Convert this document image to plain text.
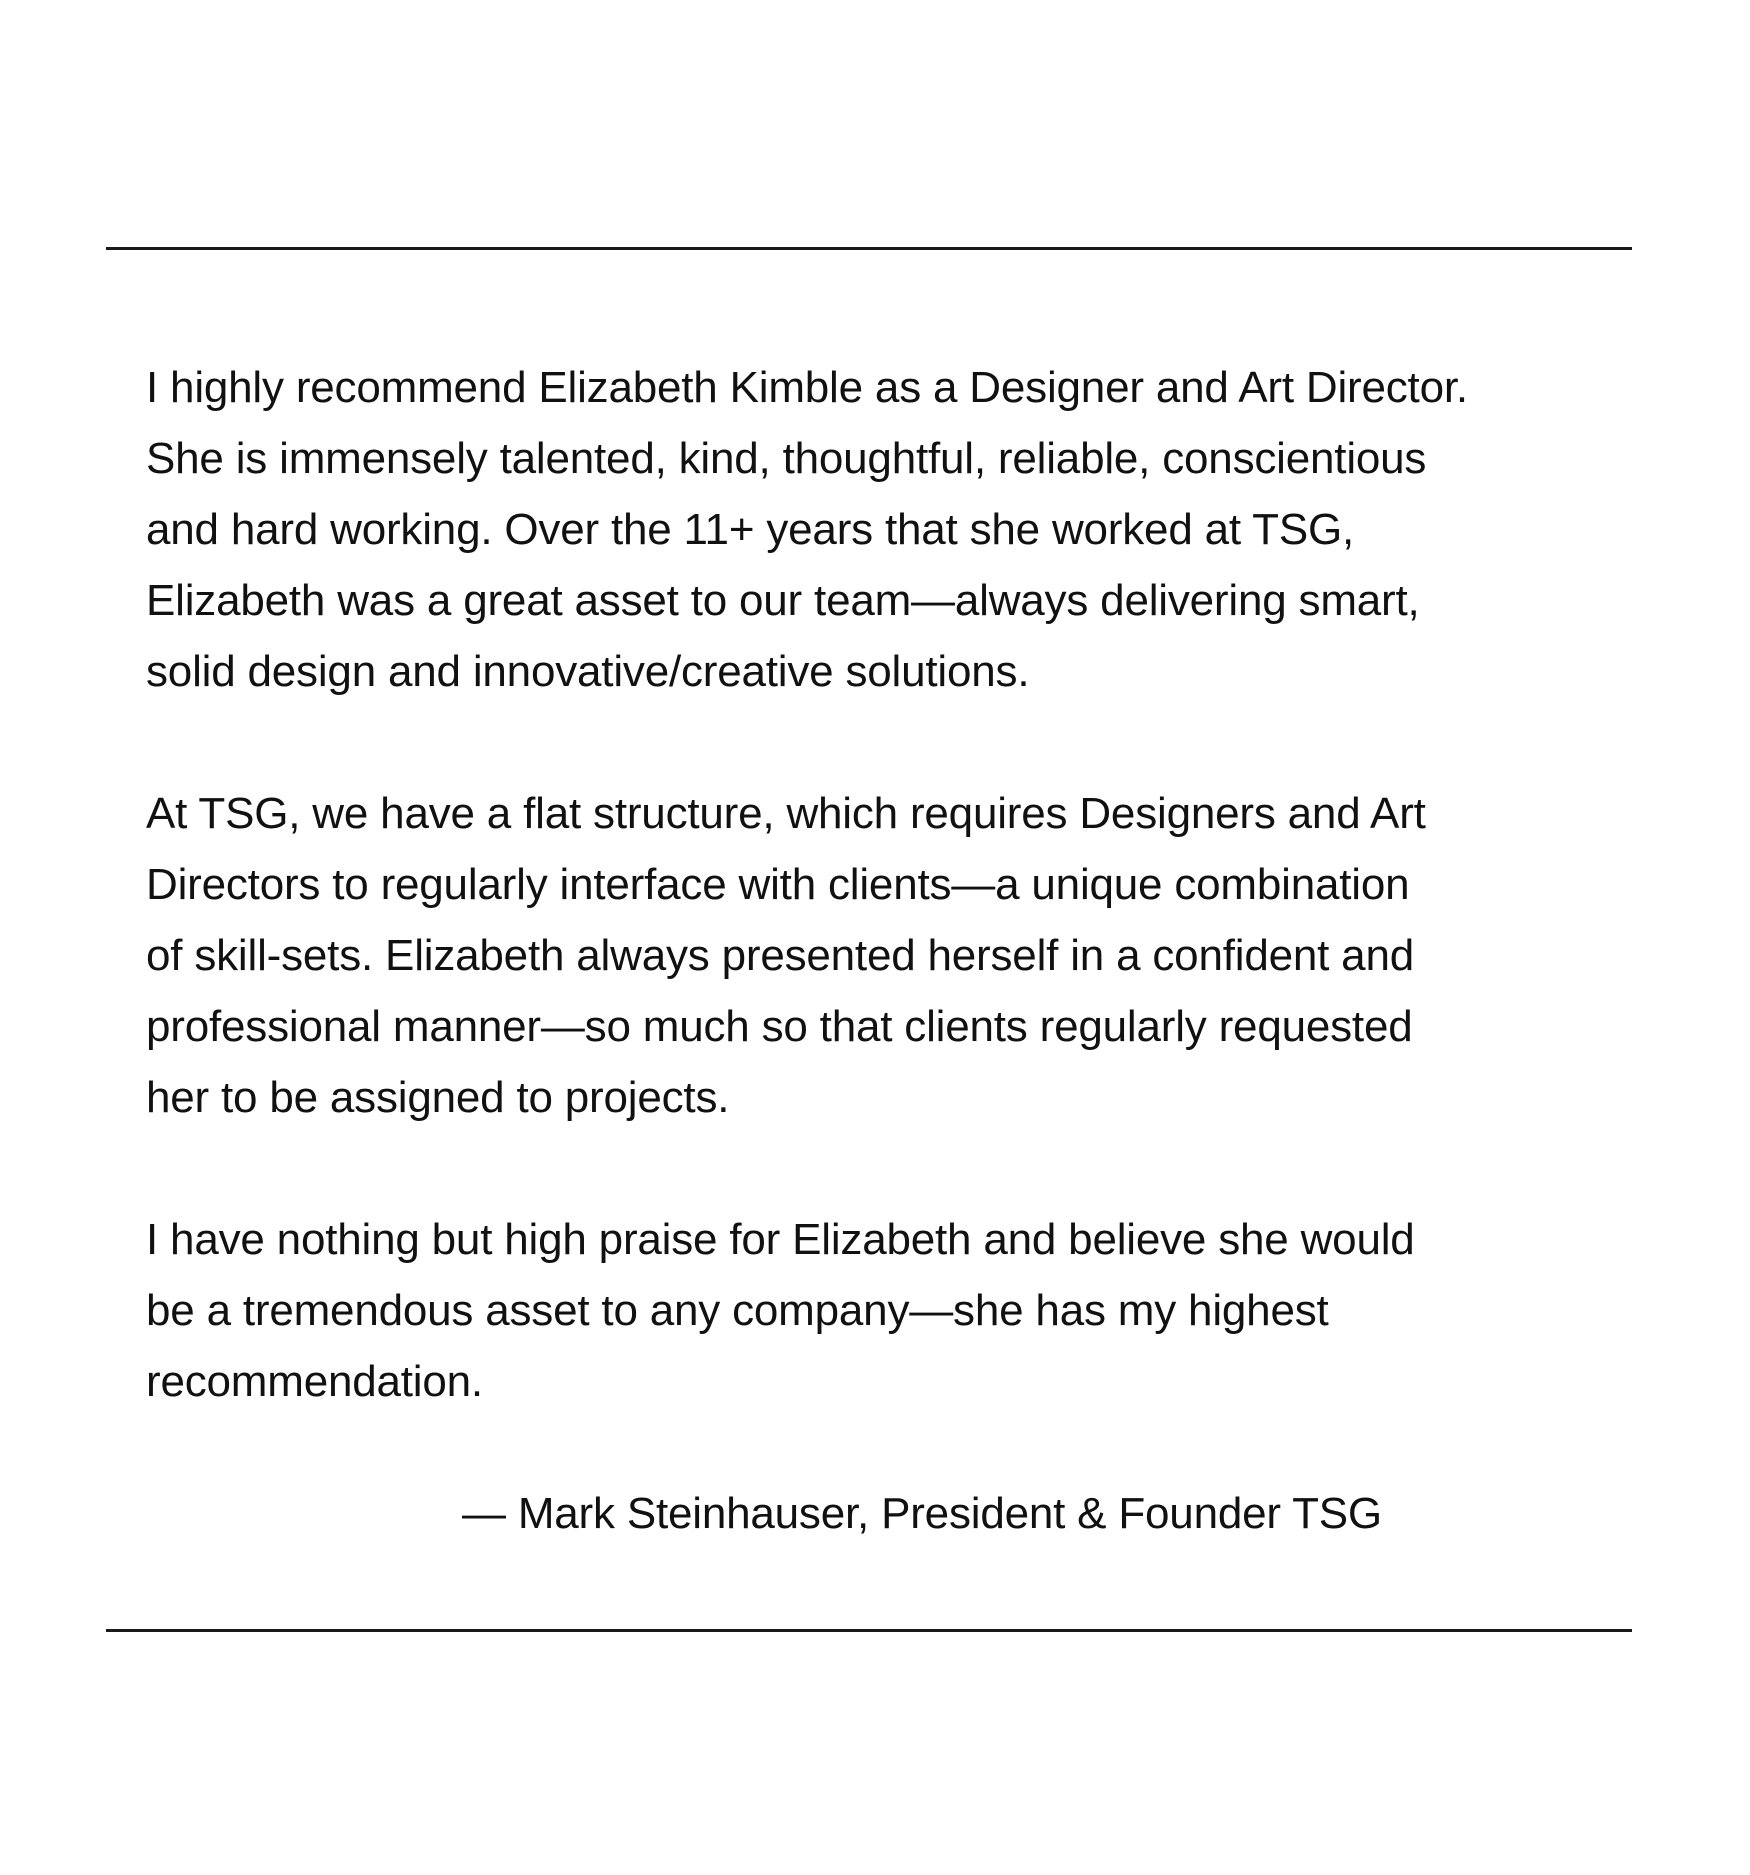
I highly recommend Elizabeth Kimble as a Designer and Art Director.
She is immensely talented, kind, thoughtful, reliable, conscientious
and hard working. Over the 11+ years that she worked at TSG,
Elizabeth was a great asset to our team—always delivering smart,
solid design and innovative/creative solutions.

At TSG, we have a flat structure, which requires Designers and Art
Directors to regularly interface with clients—a unique combination
of skill-sets. Elizabeth always presented herself in a confident and
professional manner—so much so that clients regularly requested
her to be assigned to projects.

I have nothing but high praise for Elizabeth and believe she would
be a tremendous asset to any company—she has my highest
recommendation.

— Mark Steinhauser, President & Founder TSG
